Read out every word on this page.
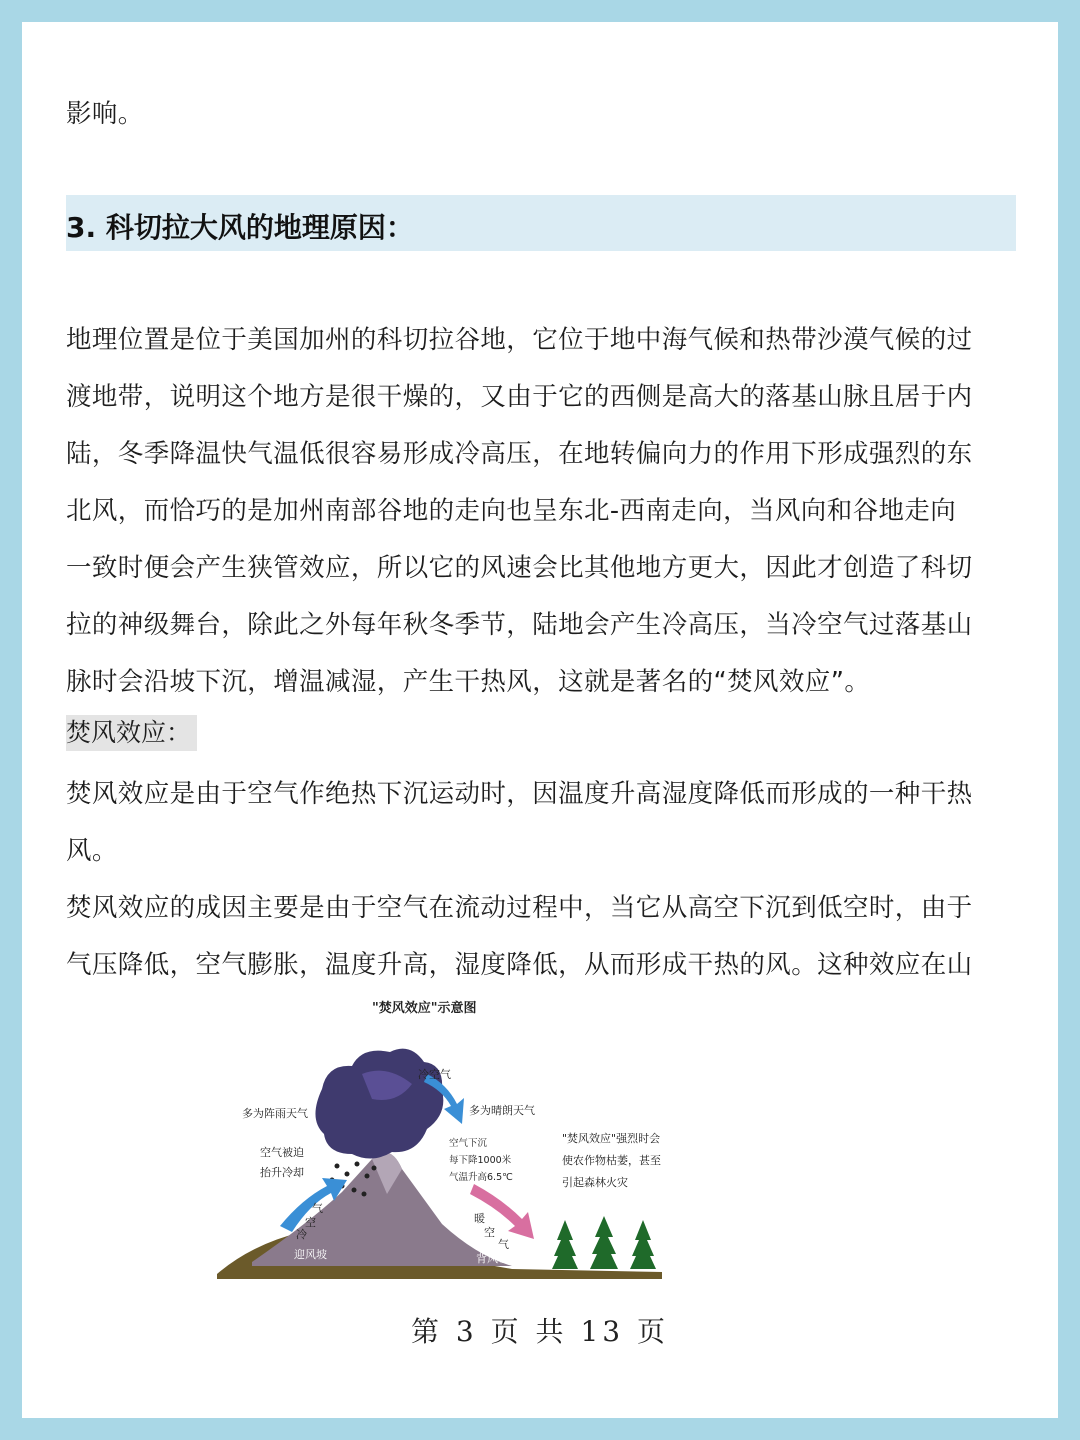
影响。
3. 科切拉大风的地理原因：
地理位置是位于美国加州的科切拉谷地，它位于地中海气候和热带沙漠气候的过
渡地带，说明这个地方是很干燥的，又由于它的西侧是高大的落基山脉且居于内
陆，冬季降温快气温低很容易形成冷高压，在地转偏向力的作用下形成强烈的东
北风，而恰巧的是加州南部谷地的走向也呈东北-西南走向，当风向和谷地走向
一致时便会产生狭管效应，所以它的风速会比其他地方更大，因此才创造了科切
拉的神级舞台，除此之外每年秋冬季节，陆地会产生冷高压，当冷空气过落基山
脉时会沿坡下沉，增温减湿，产生干热风，这就是著名的“焚风效应”。
焚风效应：
焚风效应是由于空气作绝热下沉运动时，因温度升高湿度降低而形成的一种干热
风。
焚风效应的成因主要是由于空气在流动过程中，当它从高空下沉到低空时，由于
气压降低，空气膨胀，温度升高，湿度降低，从而形成干热的风。这种效应在山
"焚风效应"示意图
冷空气
多为阵雨天气	多为晴朗天气
空气被迫
抬升冷却
空气下沉
每下降1000米
气温升高6.5℃
"焚风效应"强烈时会
使农作物枯萎，甚至
引起森林火灾
气
空
冷
暖
空
气
迎风坡	背风坡
第 3 页 共 13 页
